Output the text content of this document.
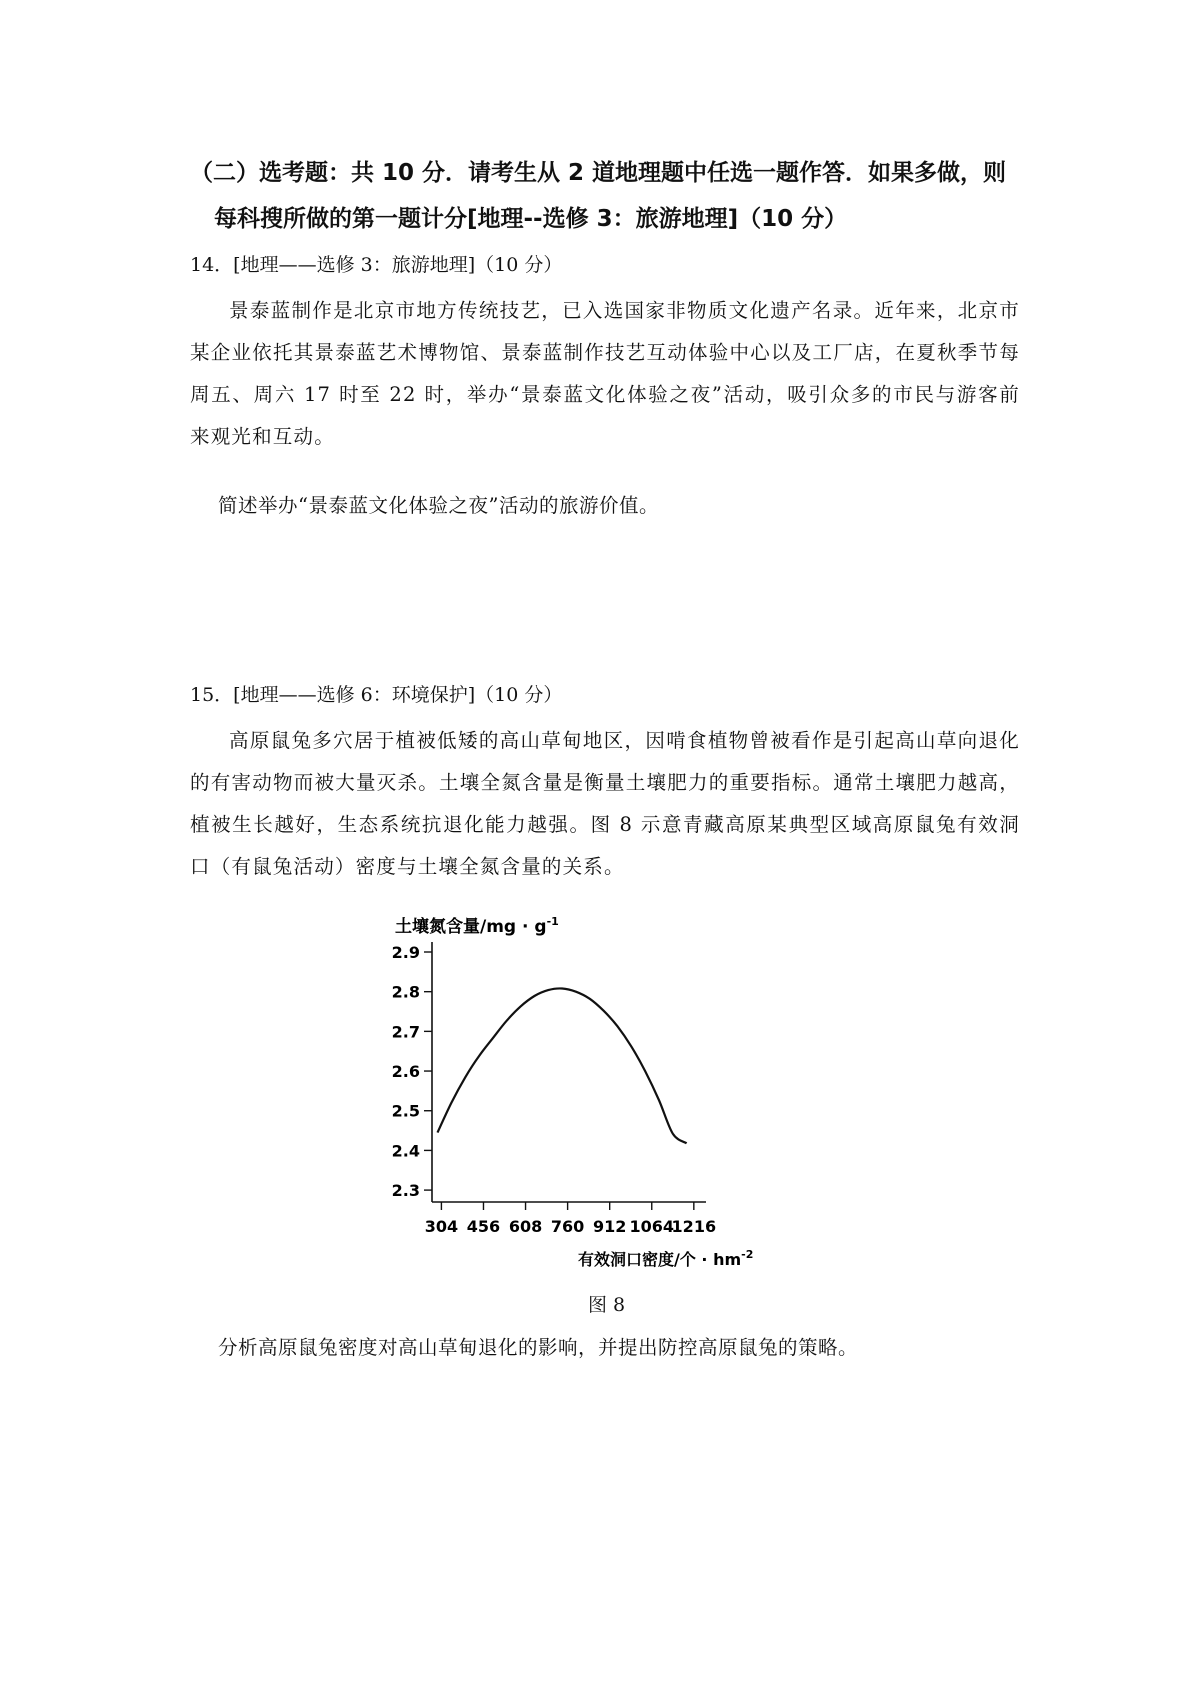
（二）选考题：共 10 分．请考生从 2 道地理题中任选一题作答．如果多做，则
每科搜所做的第一题计分[地理--选修 3：旅游地理]（10 分）

14．[地理——选修 3：旅游地理]（10 分）

景泰蓝制作是北京市地方传统技艺，已入选国家非物质文化遗产名录。近年来，北京市某企业依托其景泰蓝艺术博物馆、景泰蓝制作技艺互动体验中心以及工厂店，在夏秋季节每周五、周六 17 时至 22 时，举办“景泰蓝文化体验之夜”活动，吸引众多的市民与游客前来观光和互动。

简述举办“景泰蓝文化体验之夜”活动的旅游价值。

15．[地理——选修 6：环境保护]（10 分）

高原鼠兔多穴居于植被低矮的高山草甸地区，因啃食植物曾被看作是引起高山草向退化的有害动物而被大量灭杀。土壤全氮含量是衡量土壤肥力的重要指标。通常土壤肥力越高，植被生长越好，生态系统抗退化能力越强。图 8 示意青藏高原某典型区域高原鼠兔有效洞口（有鼠兔活动）密度与土壤全氮含量的关系。

土壤氮含量$/mg \cdot g^{-1}$
2.3
2.4
2.5
2.6
2.7
2.8
2.9
304 456 608 760 912 1064
1216
有效洞口密度/个 · $hm^{-2}$

图 8

分析高原鼠兔密度对高山草甸退化的影响，并提出防控高原鼠兔的策略。
